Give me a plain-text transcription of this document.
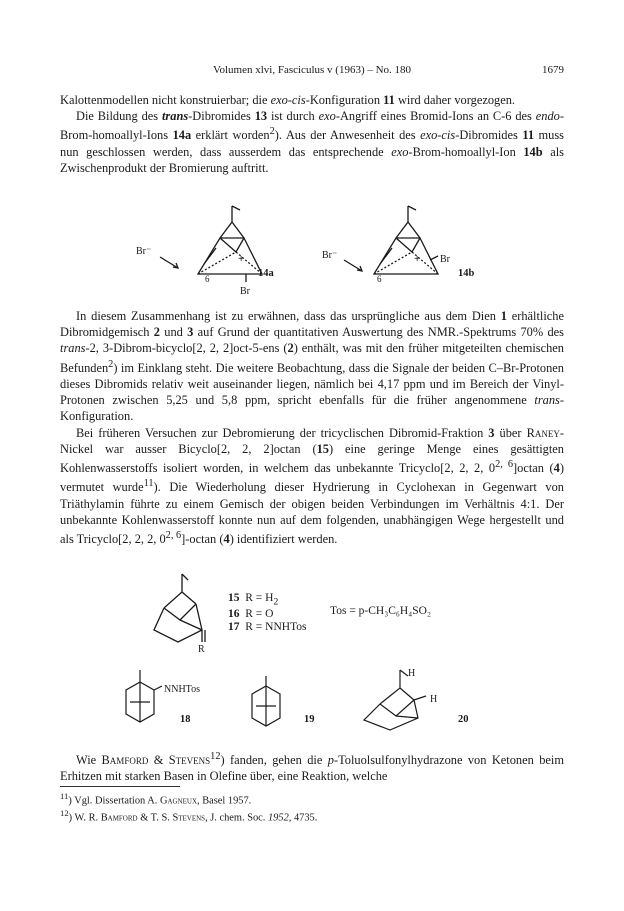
Volumen xlvi, Fasciculus v (1963) – No. 180	1679

Kalottenmodellen nicht konstruierbar; die exo-cis-Konfiguration 11 wird daher vorgezogen.

Die Bildung des trans-Dibromides 13 ist durch exo-Angriff eines Bromid-Ions an C-6 des endo-Brom-homoallyl-Ions 14a erklärt worden$^2$). Aus der Anwesenheit des exo-cis-Dibromides 11 muss nun geschlossen werden, dass ausserdem das entsprechende exo-Brom-homoallyl-Ion 14b als Zwischenprodukt der Bromierung auftritt.

Br⁻
6
+
Br
14a
Br⁻
6
+ Br
14b

In diesem Zusammenhang ist zu erwähnen, dass das ursprüngliche aus dem Dien 1 erhältliche Dibromidgemisch 2 und 3 auf Grund der quantitativen Auswertung des NMR.-Spektrums 70% des trans-2, 3-Dibrom-bicyclo[2, 2, 2]oct-5-ens (2) enthält, was mit den früher mitgeteilten chemischen Befunden$^2$) im Einklang steht. Die weitere Beobachtung, dass die Signale der beiden C–Br-Protonen dieses Dibromids relativ weit auseinander liegen, nämlich bei 4,17 ppm und im Bereich der Vinyl-Protonen zwischen 5,25 und 5,8 ppm, spricht ebenfalls für die früher angenommene trans-Konfiguration.

Bei früheren Versuchen zur Debromierung der tricyclischen Dibromid-Fraktion 3 über Raney-Nickel war ausser Bicyclo[2, 2, 2]octan (15) eine geringe Menge eines gesättigten Kohlenwasserstoffs isoliert worden, in welchem das unbekannte Tricyclo[2, 2, 2, 0$^{2, 6}$]octan (4) vermutet wurde$^{11}$). Die Wiederholung dieser Hydrierung in Cyclohexan in Gegenwart von Triäthylamin führte zu einem Gemisch der obigen beiden Verbindungen im Verhältnis 4:1. Der unbekannte Kohlenwasserstoff konnte nun auf dem folgenden, unabhängigen Wege hergestellt und als Tricyclo[2, 2, 2, 0$^{2, 6}$]-octan (4) identifiziert werden.

R
15 $R = H_2$
16 R = O
17 R = NNHTos
Tos = p-CH₃C₆H₄SO₂
NNHTos
18	19
H
H
20

Wie Bamford & Stevens$^{12}$) fanden, gehen die p-Toluolsulfonylhydrazone von Ketonen beim Erhitzen mit starken Basen in Olefine über, eine Reaktion, welche

$^{11}$) Vgl. Dissertation A. Gagneux, Basel 1957.
$^{12}$) W. R. Bamford & T. S. Stevens, J. chem. Soc. 1952, 4735.
